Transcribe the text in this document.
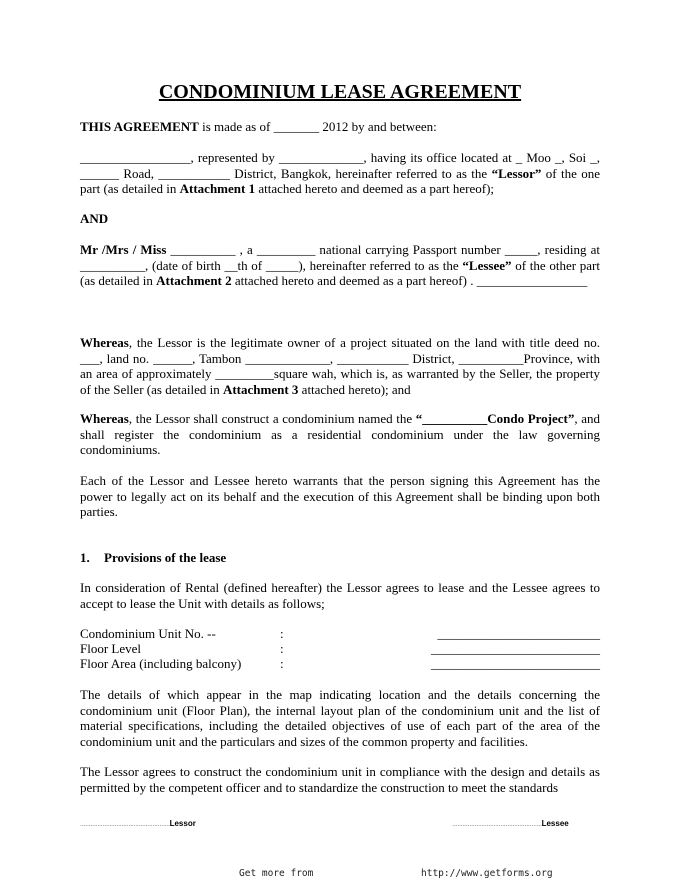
CONDOMINIUM LEASE AGREEMENT

THIS AGREEMENT is made as of _______ 2012 by and between:

_________________, represented by _____________, having its office located at _ Moo _, Soi _, ______ Road, ___________ District, Bangkok, hereinafter referred to as the “Lessor” of the one part (as detailed in Attachment 1 attached hereto and deemed as a part hereof);

AND

Mr /Mrs / Miss __________ , a _________ national carrying Passport number _____, residing at __________, (date of birth __th of _____), hereinafter referred to as the “Lessee” of the other part (as detailed in Attachment 2 attached hereto and deemed as a part hereof) . _________________

Whereas, the Lessor is the legitimate owner of a project situated on the land with title deed no. ___, land no. ______, Tambon _____________, ___________ District, __________Province, with an area of approximately _________square wah, which is, as warranted by the Seller, the property of the Seller (as detailed in Attachment 3 attached hereto); and

Whereas, the Lessor shall construct a condominium named the “__________Condo Project”, and shall register the condominium as a residential condominium under the law governing condominiums.

Each of the Lessor and Lessee hereto warrants that the person signing this Agreement has the power to legally act on its behalf and the execution of this Agreement shall be binding upon both parties.

1. Provisions of the lease

In consideration of Rental (defined hereafter) the Lessor agrees to lease and the Lessee agrees to accept to lease the Unit with details as follows;

Condominium Unit No. --	:	_________________________
Floor Level	:	__________________________
Floor Area (including balcony)	:	__________________________

The details of which appear in the map indicating location and the details concerning the condominium unit (Floor Plan), the internal layout plan of the condominium unit and the list of material specifications, including the detailed objectives of use of each part of the area of the condominium unit and the particulars and sizes of the common property and facilities.

The Lessor agrees to construct the condominium unit in compliance with the design and details as permitted by the competent officer and to standardize the construction to meet the standards

....................................................Lessor	....................................................Lessee
Get more from	http://www.getforms.org
